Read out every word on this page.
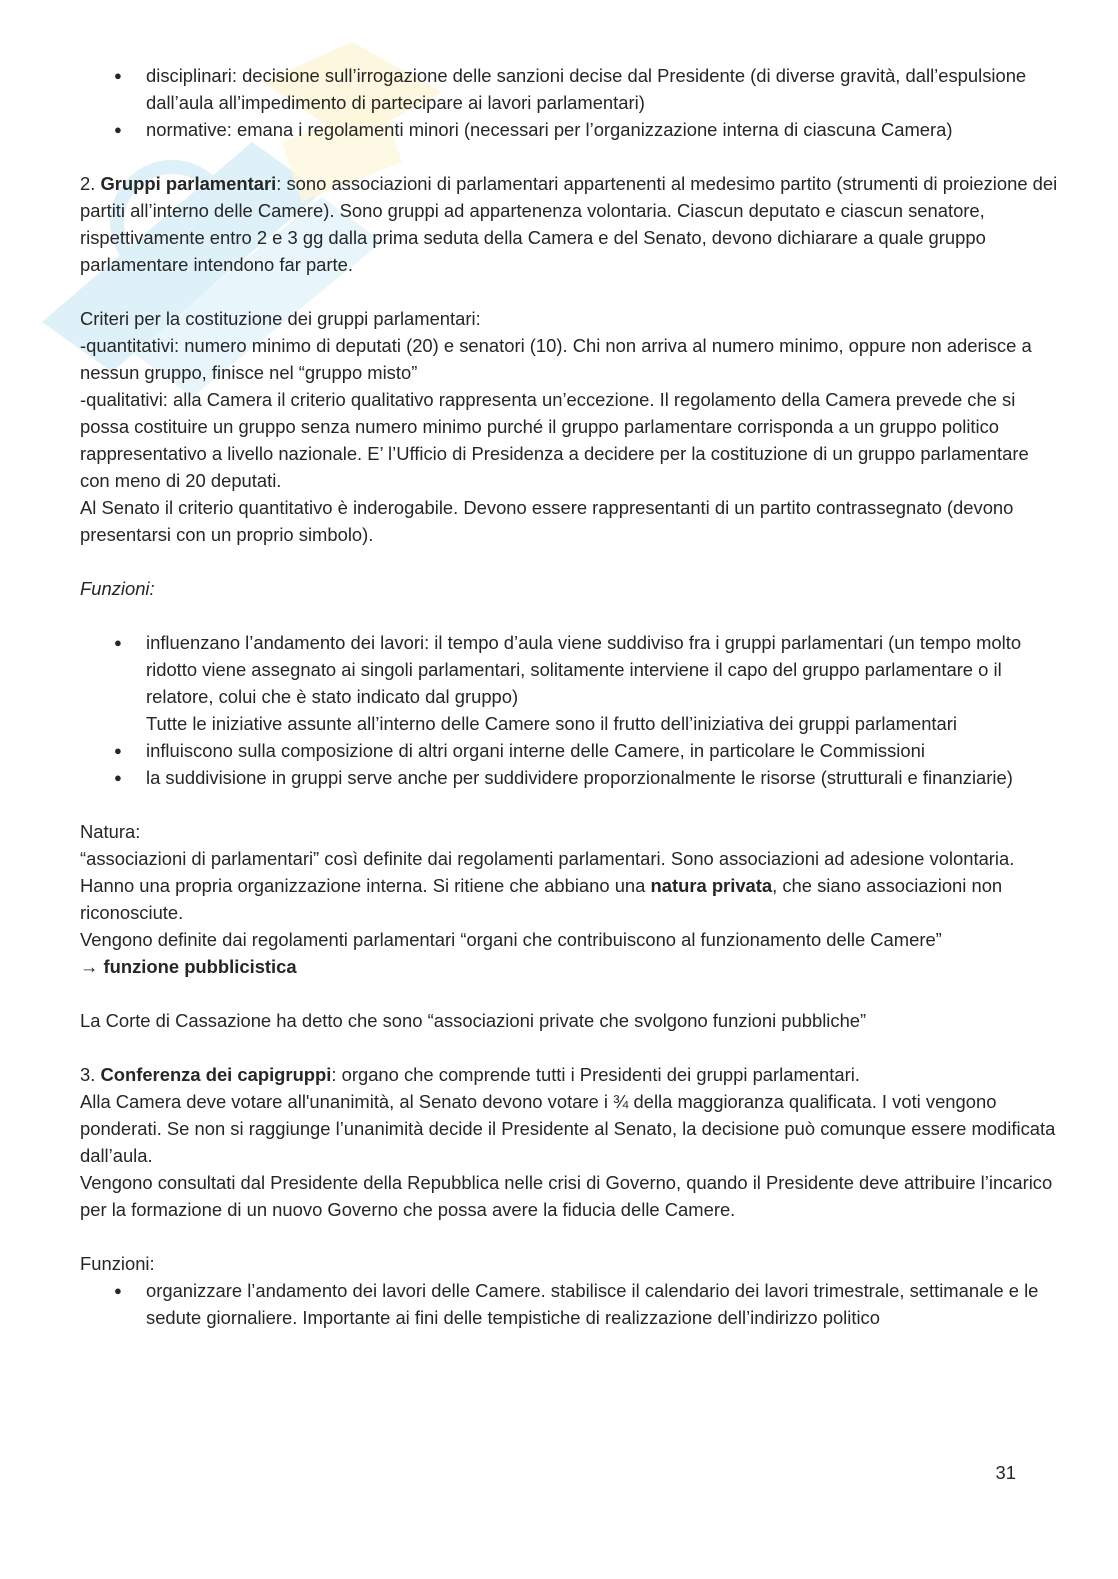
● disciplinari: decisione sull’irrogazione delle sanzioni decise dal Presidente (di diverse gravità, dall’espulsione dall’aula all’impedimento di partecipare ai lavori parlamentari)
● normative: emana i regolamenti minori (necessari per l’organizzazione interna di ciascuna Camera)

2. Gruppi parlamentari: sono associazioni di parlamentari appartenenti al medesimo partito (strumenti di proiezione dei partiti all’interno delle Camere). Sono gruppi ad appartenenza volontaria. Ciascun deputato e ciascun senatore, rispettivamente entro 2 e 3 gg dalla prima seduta della Camera e del Senato, devono dichiarare a quale gruppo parlamentare intendono far parte.

Criteri per la costituzione dei gruppi parlamentari:

-quantitativi: numero minimo di deputati (20) e senatori (10). Chi non arriva al numero minimo, oppure non aderisce a nessun gruppo, finisce nel “gruppo misto”

-qualitativi: alla Camera il criterio qualitativo rappresenta un’eccezione. Il regolamento della Camera prevede che si possa costituire un gruppo senza numero minimo purché il gruppo parlamentare corrisponda a un gruppo politico rappresentativo a livello nazionale. E’ l’Ufficio di Presidenza a decidere per la costituzione di un gruppo parlamentare con meno di 20 deputati.

Al Senato il criterio quantitativo è inderogabile. Devono essere rappresentanti di un partito contrassegnato (devono presentarsi con un proprio simbolo).

Funzioni:

● influenzano l’andamento dei lavori: il tempo d’aula viene suddiviso fra i gruppi parlamentari (un tempo molto ridotto viene assegnato ai singoli parlamentari, solitamente interviene il capo del gruppo parlamentare o il relatore, colui che è stato indicato dal gruppo)
Tutte le iniziative assunte all’interno delle Camere sono il frutto dell’iniziativa dei gruppi parlamentari
● influiscono sulla composizione di altri organi interne delle Camere, in particolare le Commissioni
● la suddivisione in gruppi serve anche per suddividere proporzionalmente le risorse (strutturali e finanziarie)

Natura:

“associazioni di parlamentari” così definite dai regolamenti parlamentari. Sono associazioni ad adesione volontaria. Hanno una propria organizzazione interna. Si ritiene che abbiano una natura privata, che siano associazioni non riconosciute.

Vengono definite dai regolamenti parlamentari “organi che contribuiscono al funzionamento delle Camere”

→ funzione pubblicistica

La Corte di Cassazione ha detto che sono “associazioni private che svolgono funzioni pubbliche”

3. Conferenza dei capigruppi: organo che comprende tutti i Presidenti dei gruppi parlamentari.

Alla Camera deve votare all'unanimità, al Senato devono votare i ¾ della maggioranza qualificata. I voti vengono ponderati. Se non si raggiunge l’unanimità decide il Presidente al Senato, la decisione può comunque essere modificata dall’aula.

Vengono consultati dal Presidente della Repubblica nelle crisi di Governo, quando il Presidente deve attribuire l’incarico per la formazione di un nuovo Governo che possa avere la fiducia delle Camere.

Funzioni:

● organizzare l’andamento dei lavori delle Camere. stabilisce il calendario dei lavori trimestrale, settimanale e le sedute giornaliere. Importante ai fini delle tempistiche di realizzazione dell’indirizzo politico
31
